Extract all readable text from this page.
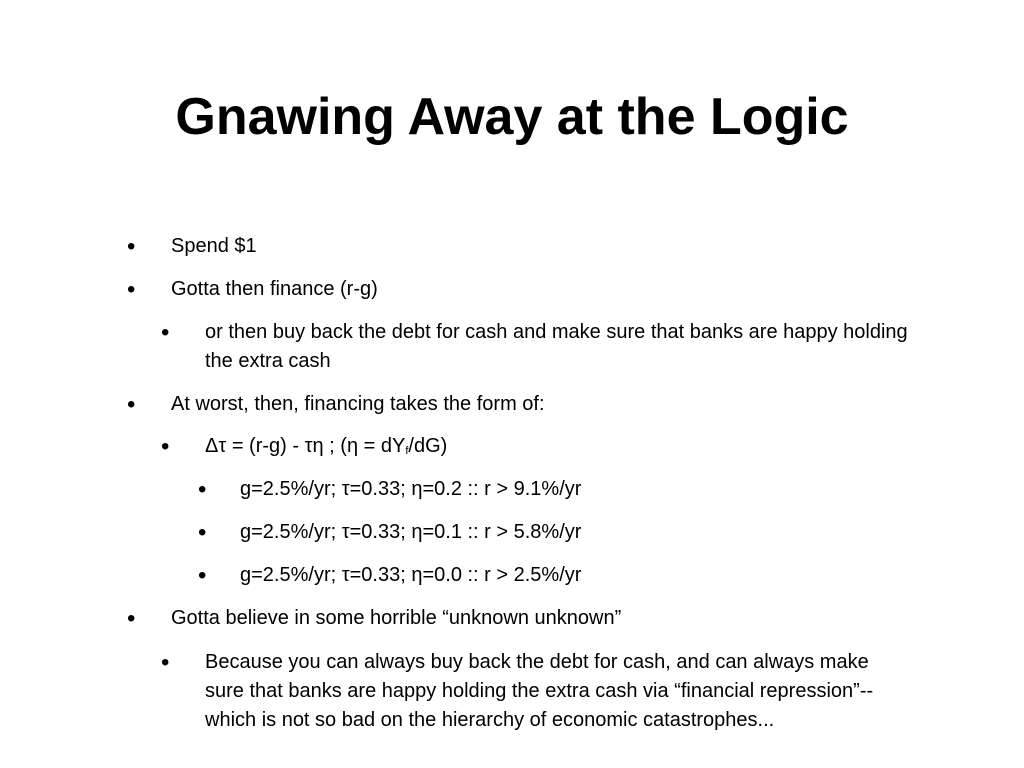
Gnawing Away at the Logic
• Spend $1
• Gotta then finance (r-g)
• or then buy back the debt for cash and make sure that banks are happy holding the extra cash
• At worst, then, financing takes the form of:
• Δτ = (r-g) - τη ; $(\eta = dY_f/dG)$
• g=2.5%/yr; τ=0.33; η=0.2 :: r > 9.1%/yr
• g=2.5%/yr; τ=0.33; η=0.1 :: r > 5.8%/yr
• g=2.5%/yr; τ=0.33; η=0.0 :: r > 2.5%/yr
• Gotta believe in some horrible “unknown unknown”
• Because you can always buy back the debt for cash, and can always make sure that banks are happy holding the extra cash via “financial repression”--which is not so bad on the hierarchy of economic catastrophes...
